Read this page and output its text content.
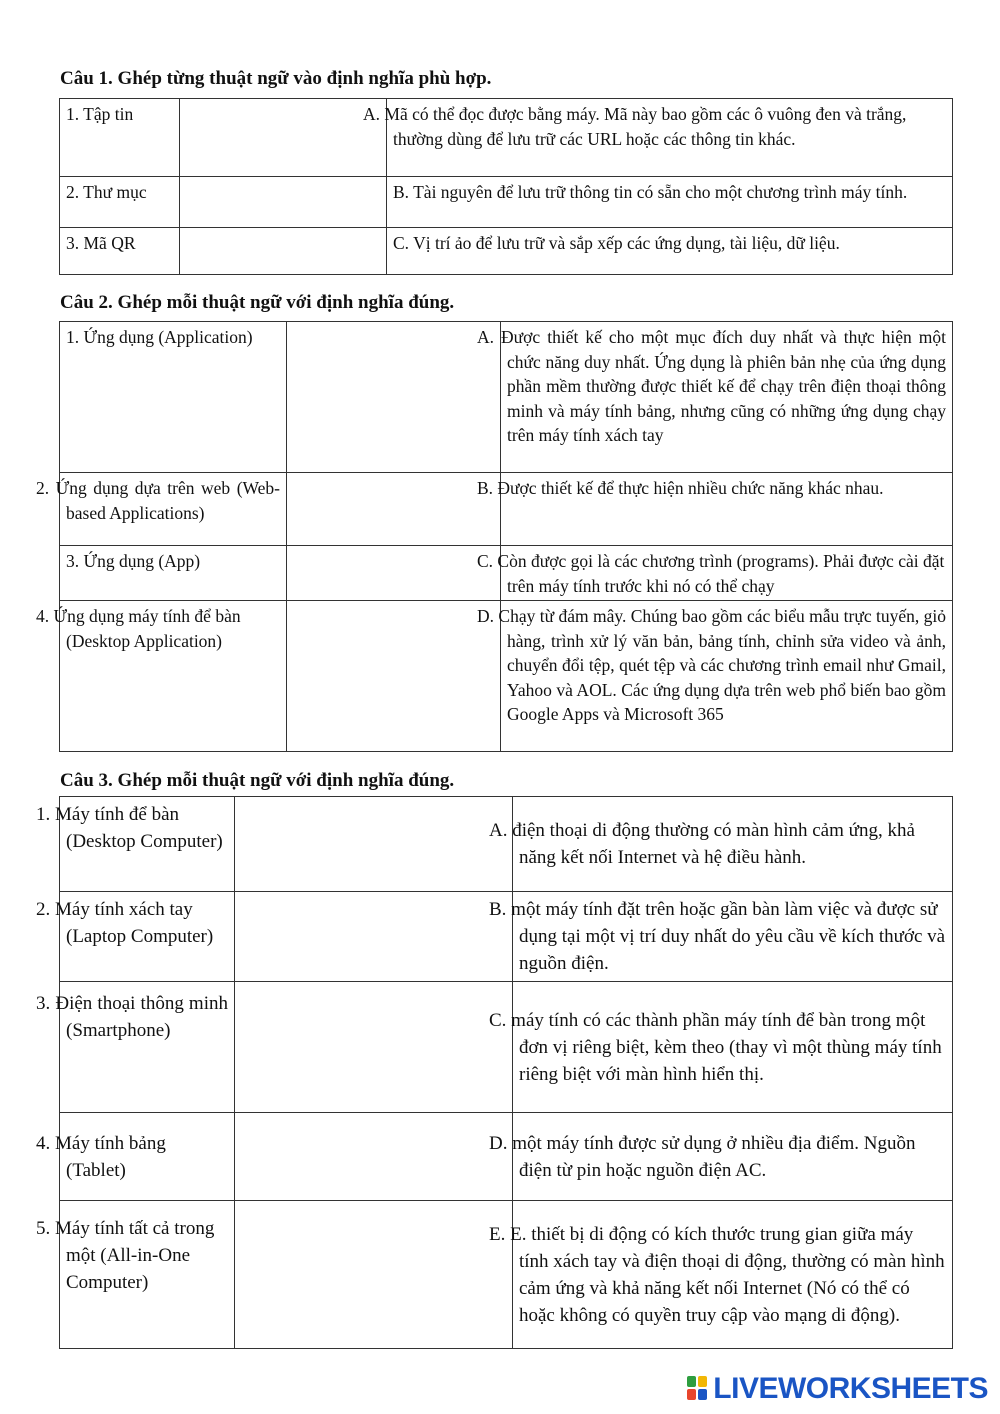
Câu 1. Ghép từng thuật ngữ vào định nghĩa phù hợp.
1. Tập tin		A. Mã có thể đọc được bằng máy. Mã này bao gồm các ô vuông đen và trắng, thường dùng để lưu trữ các URL hoặc các thông tin khác.
2. Thư mục		B. Tài nguyên để lưu trữ thông tin có sẵn cho một chương trình máy tính.
3. Mã QR		C. Vị trí ảo để lưu trữ và sắp xếp các ứng dụng, tài liệu, dữ liệu.
Câu 2. Ghép mỗi thuật ngữ với định nghĩa đúng.
1. Ứng dụng (Application)		A. Được thiết kế cho một mục đích duy nhất và thực hiện một chức năng duy nhất. Ứng dụng là phiên bản nhẹ của ứng dụng phần mềm thường được thiết kế để chạy trên điện thoại thông minh và máy tính bảng, nhưng cũng có những ứng dụng chạy trên máy tính xách tay
2. Ứng dụng dựa trên web (Web-based Applications)		B. Được thiết kế để thực hiện nhiều chức năng khác nhau.
3. Ứng dụng (App)		C. Còn được gọi là các chương trình (programs). Phải được cài đặt trên máy tính trước khi nó có thể chạy
4. Ứng dụng máy tính để bàn (Desktop Application)		D. Chạy từ đám mây. Chúng bao gồm các biểu mẫu trực tuyến, giỏ hàng, trình xử lý văn bản, bảng tính, chỉnh sửa video và ảnh, chuyển đổi tệp, quét tệp và các chương trình email như Gmail, Yahoo và AOL. Các ứng dụng dựa trên web phổ biến bao gồm Google Apps và Microsoft 365
Câu 3. Ghép mỗi thuật ngữ với định nghĩa đúng.
1. Máy tính để bàn (Desktop Computer)		A. điện thoại di động thường có màn hình cảm ứng, khả năng kết nối Internet và hệ điều hành.
2. Máy tính xách tay (Laptop Computer)		B. một máy tính đặt trên hoặc gần bàn làm việc và được sử dụng tại một vị trí duy nhất do yêu cầu về kích thước và nguồn điện.
3. Điện thoại thông minh (Smartphone)		C. máy tính có các thành phần máy tính để bàn trong một đơn vị riêng biệt, kèm theo (thay vì một thùng máy tính riêng biệt với màn hình hiển thị.
4. Máy tính bảng (Tablet)		D. một máy tính được sử dụng ở nhiều địa điểm. Nguồn điện từ pin hoặc nguồn điện AC.
5. Máy tính tất cả trong một (All-in-One Computer)		E. E. thiết bị di động có kích thước trung gian giữa máy tính xách tay và điện thoại di động, thường có màn hình cảm ứng và khả năng kết nối Internet (Nó có thể có hoặc không có quyền truy cập vào mạng di động).
LIVEWORKSHEETS
